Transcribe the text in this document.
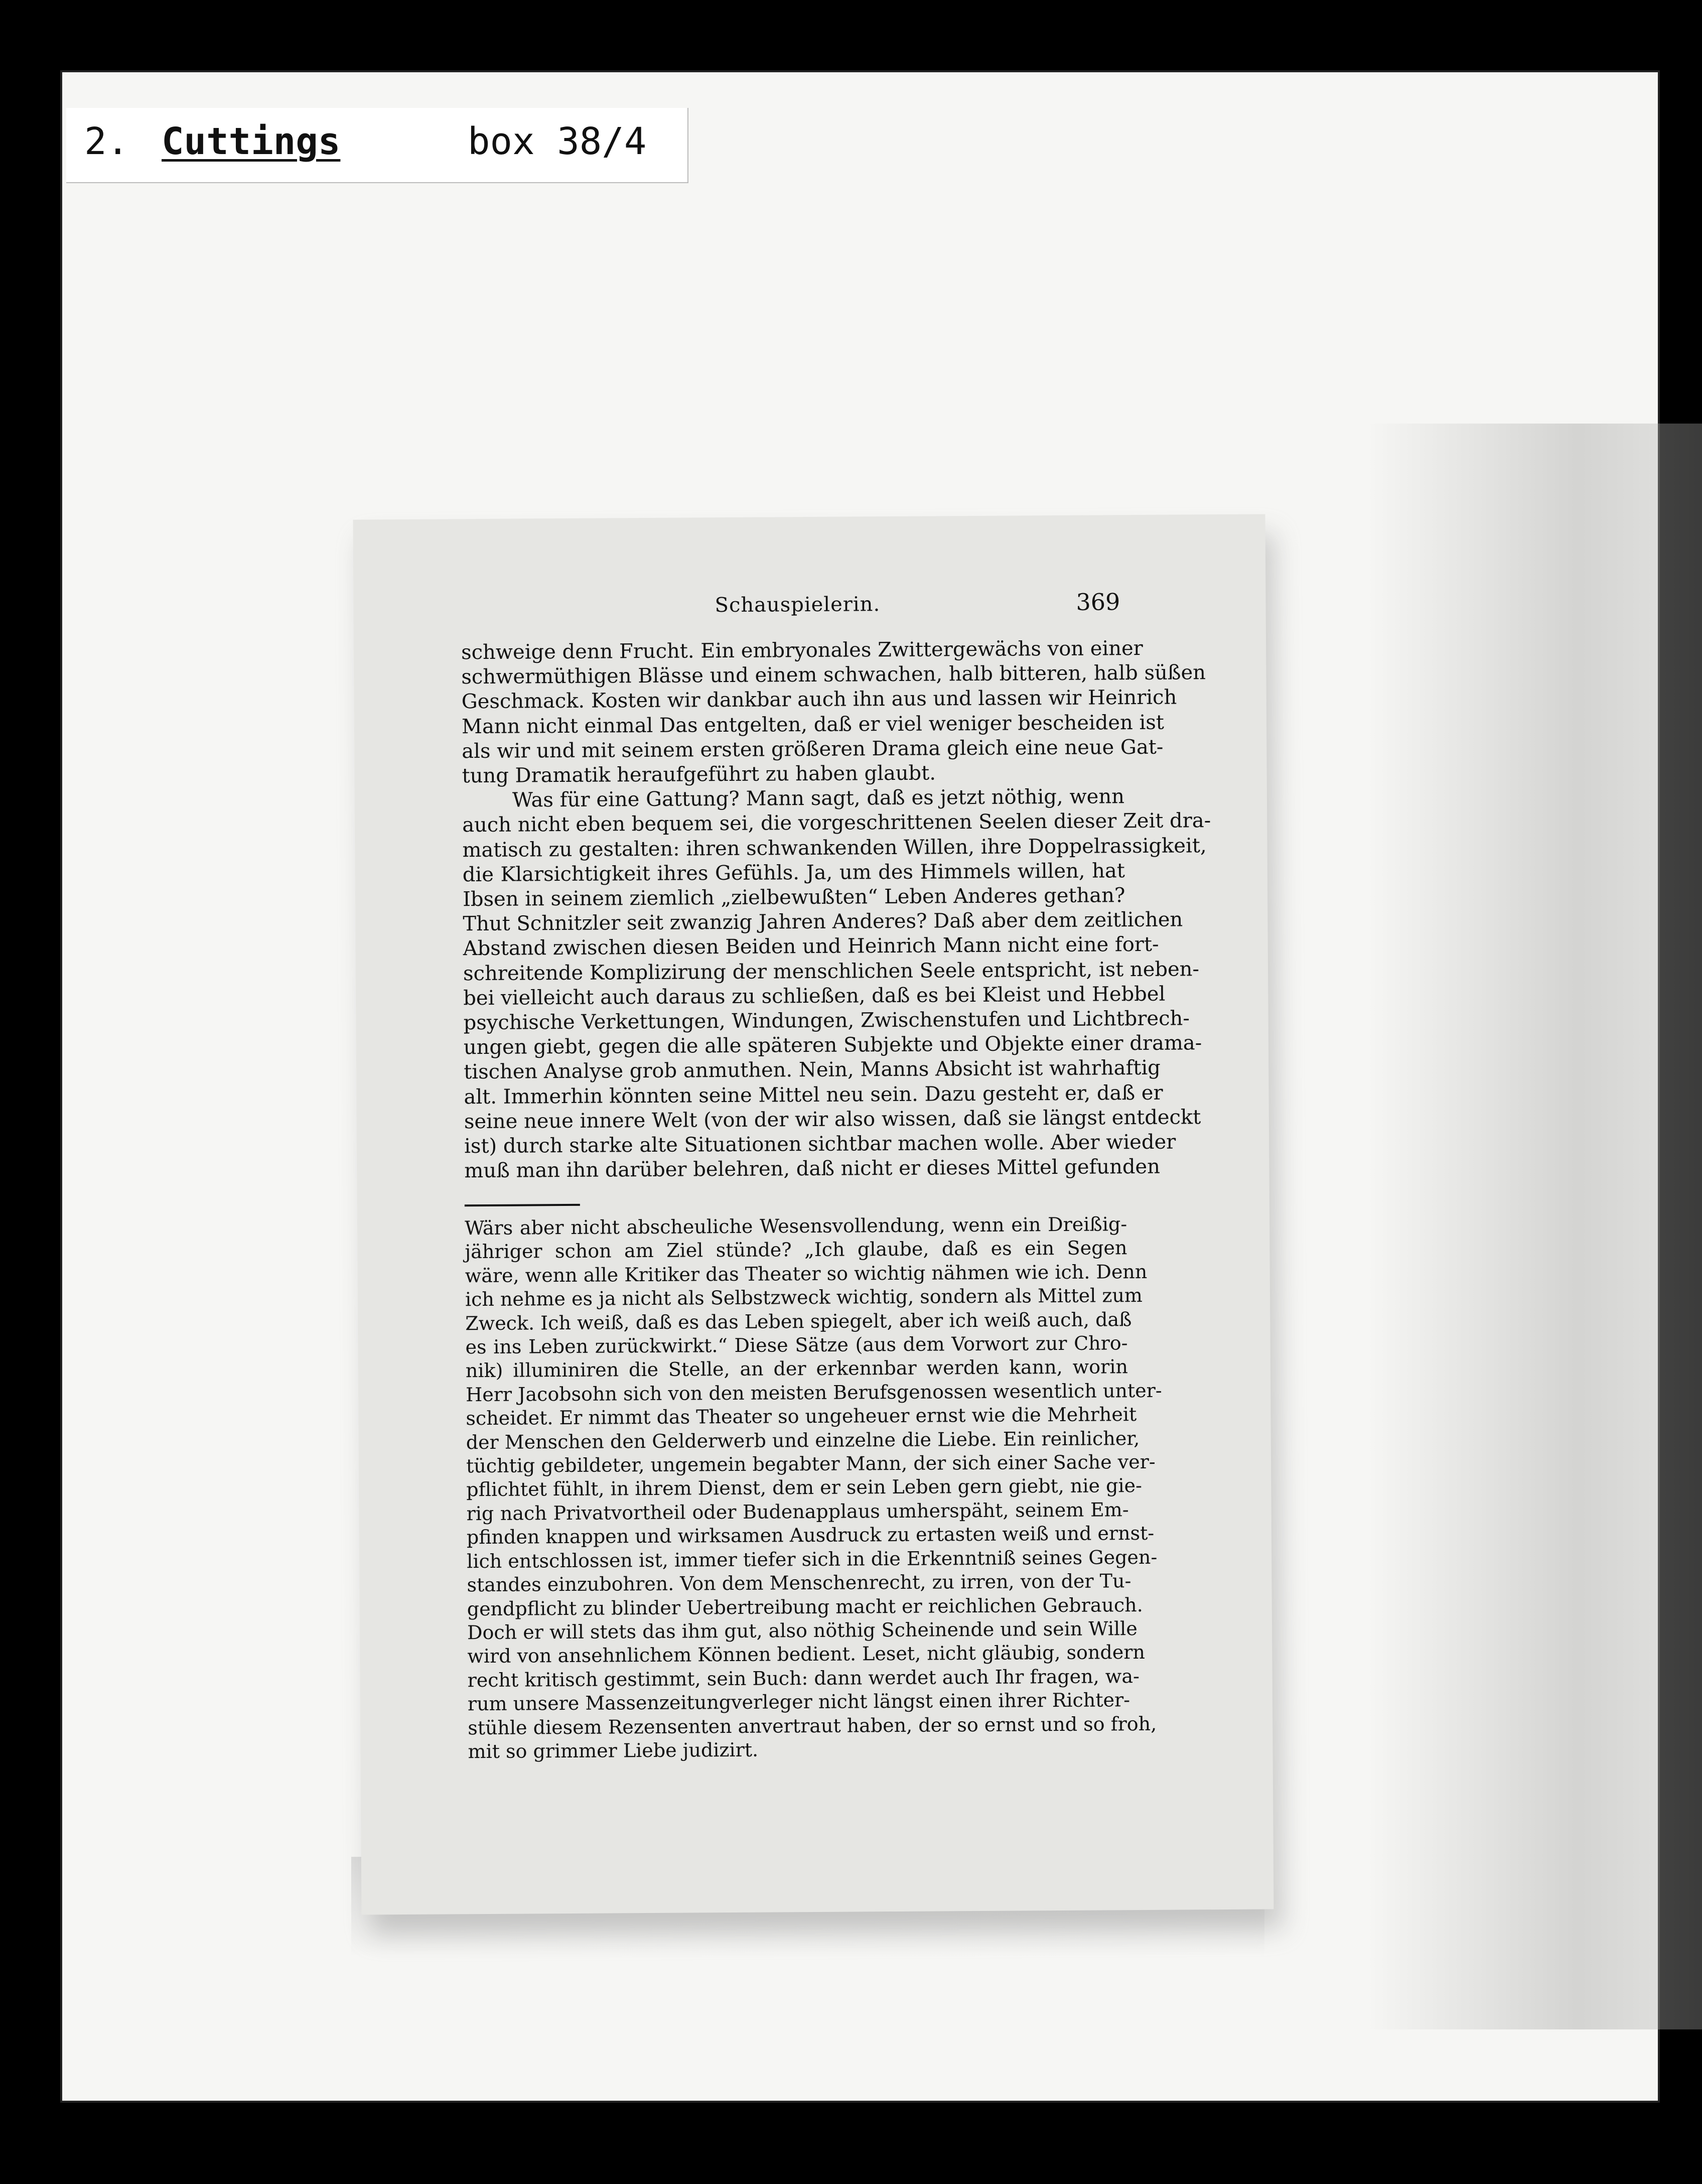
2. Cuttings	box 38/4
Schauspielerin.	369
schweige denn Frucht. Ein embryonales Zwittergewächs von einer
schwermüthigen Blässe und einem schwachen, halb bitteren, halb süßen
Geschmack. Kosten wir dankbar auch ihn aus und lassen wir Heinrich
Mann nicht einmal Das entgelten, daß er viel weniger bescheiden ist
als wir und mit seinem ersten größeren Drama gleich eine neue Gat-
tung Dramatik heraufgeführt zu haben glaubt.
Was für eine Gattung? Mann sagt, daß es jetzt nöthig, wenn
auch nicht eben bequem sei, die vorgeschrittenen Seelen dieser Zeit dra-
matisch zu gestalten: ihren schwankenden Willen, ihre Doppelrassigkeit,
die Klarsichtigkeit ihres Gefühls. Ja, um des Himmels willen, hat
Ibsen in seinem ziemlich „zielbewußten“ Leben Anderes gethan?
Thut Schnitzler seit zwanzig Jahren Anderes? Daß aber dem zeitlichen
Abstand zwischen diesen Beiden und Heinrich Mann nicht eine fort-
schreitende Komplizirung der menschlichen Seele entspricht, ist neben-
bei vielleicht auch daraus zu schließen, daß es bei Kleist und Hebbel
psychische Verkettungen, Windungen, Zwischenstufen und Lichtbrech-
ungen giebt, gegen die alle späteren Subjekte und Objekte einer drama-
tischen Analyse grob anmuthen. Nein, Manns Absicht ist wahrhaftig
alt. Immerhin könnten seine Mittel neu sein. Dazu gesteht er, daß er
seine neue innere Welt (von der wir also wissen, daß sie längst entdeckt
ist) durch starke alte Situationen sichtbar machen wolle. Aber wieder
muß man ihn darüber belehren, daß nicht er dieses Mittel gefunden
Wärs aber nicht abscheuliche Wesensvollendung, wenn ein Dreißig-
jähriger schon am Ziel stünde? „Ich glaube, daß es ein Segen
wäre, wenn alle Kritiker das Theater so wichtig nähmen wie ich. Denn
ich nehme es ja nicht als Selbstzweck wichtig, sondern als Mittel zum
Zweck. Ich weiß, daß es das Leben spiegelt, aber ich weiß auch, daß
es ins Leben zurückwirkt.“ Diese Sätze (aus dem Vorwort zur Chro-
nik) illuminiren die Stelle, an der erkennbar werden kann, worin
Herr Jacobsohn sich von den meisten Berufsgenossen wesentlich unter-
scheidet. Er nimmt das Theater so ungeheuer ernst wie die Mehrheit
der Menschen den Gelderwerb und einzelne die Liebe. Ein reinlicher,
tüchtig gebildeter, ungemein begabter Mann, der sich einer Sache ver-
pflichtet fühlt, in ihrem Dienst, dem er sein Leben gern giebt, nie gie-
rig nach Privatvortheil oder Budenapplaus umherspäht, seinem Em-
pfinden knappen und wirksamen Ausdruck zu ertasten weiß und ernst-
lich entschlossen ist, immer tiefer sich in die Erkenntniß seines Gegen-
standes einzubohren. Von dem Menschenrecht, zu irren, von der Tu-
gendpflicht zu blinder Uebertreibung macht er reichlichen Gebrauch.
Doch er will stets das ihm gut, also nöthig Scheinende und sein Wille
wird von ansehnlichem Können bedient. Leset, nicht gläubig, sondern
recht kritisch gestimmt, sein Buch: dann werdet auch Ihr fragen, wa-
rum unsere Massenzeitungverleger nicht längst einen ihrer Richter-
stühle diesem Rezensenten anvertraut haben, der so ernst und so froh,
mit so grimmer Liebe judizirt.
